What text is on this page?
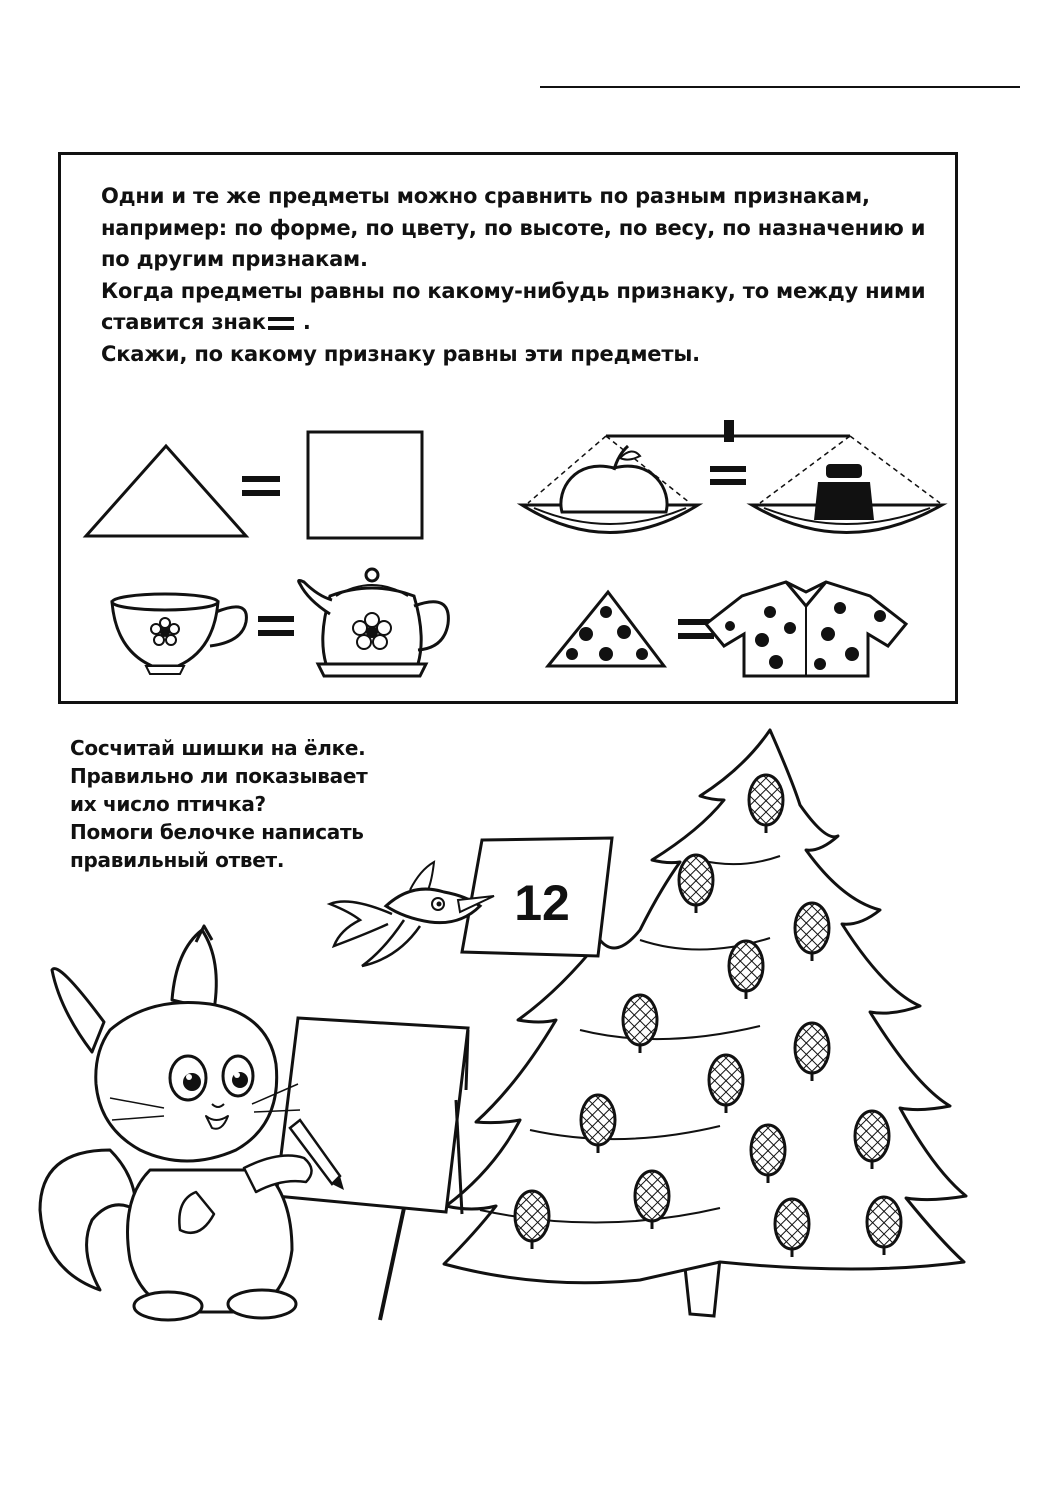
Одни и те же предметы можно сравнить по разным признакам, например: по форме, по цвету, по высоте, по весу, по назначению и по другим признакам.

Когда предметы равны по какому-нибудь признаку, то между ними ставится знак .

Скажи, по какому признаку равны эти предметы.

12

Сосчитай шишки на ёлке.

Правильно ли показывает

их число птичка?

Помоги белочке написать

правильный ответ.
